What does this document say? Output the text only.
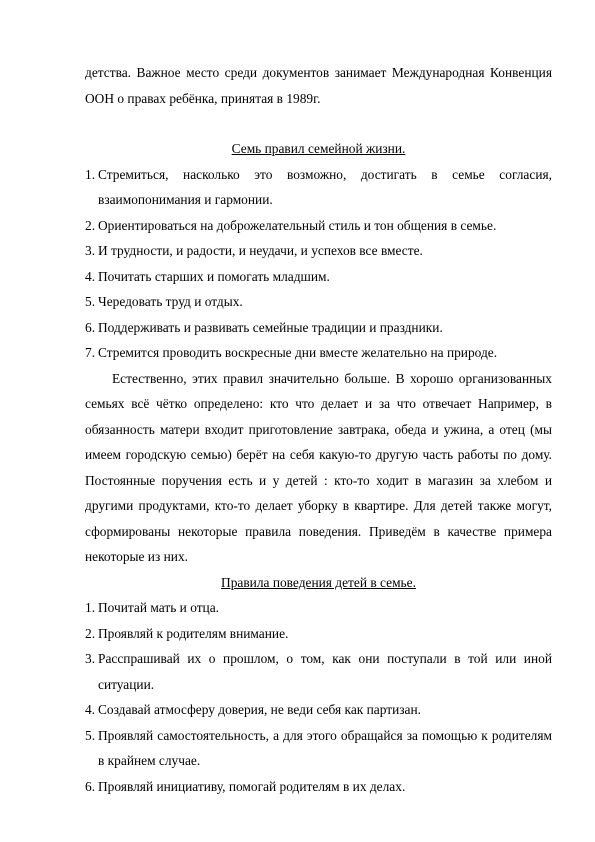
детства. Важное место среди документов занимает Международная Конвенция ООН о правах ребёнка, принятая в 1989г.

Семь правил семейной жизни.
1. Стремиться, насколько это возможно, достигать в семье согласия, взаимопонимания и гармонии.
2. Ориентироваться на доброжелательный стиль и тон общения в семье.
3. И трудности, и радости, и неудачи, и успехов все вместе.
4. Почитать старших и помогать младшим.
5. Чередовать труд и отдых.
6. Поддерживать и развивать семейные традиции и праздники.
7. Стремится проводить воскресные дни вместе желательно на природе.

Естественно, этих правил значительно больше. В хорошо организованных семьях всё чётко определено: кто что делает и за что отвечает Например, в обязанность матери входит приготовление завтрака, обеда и ужина, а отец (мы имеем городскую семью) берёт на себя какую-то другую часть работы по дому. Постоянные поручения есть и у детей : кто-то ходит в магазин за хлебом и другими продуктами, кто-то делает уборку в квартире. Для детей также могут, сформированы некоторые правила поведения. Приведём в качестве примера некоторые из них.

Правила поведения детей в семье.
1. Почитай мать и отца.
2. Проявляй к родителям внимание.
3. Расспрашивай их о прошлом, о том, как они поступали в той или иной ситуации.
4. Создавай атмосферу доверия, не веди себя как партизан.
5. Проявляй самостоятельность, а для этого обращайся за помощью к родителям в крайнем случае.
6. Проявляй инициативу, помогай родителям в их делах.
